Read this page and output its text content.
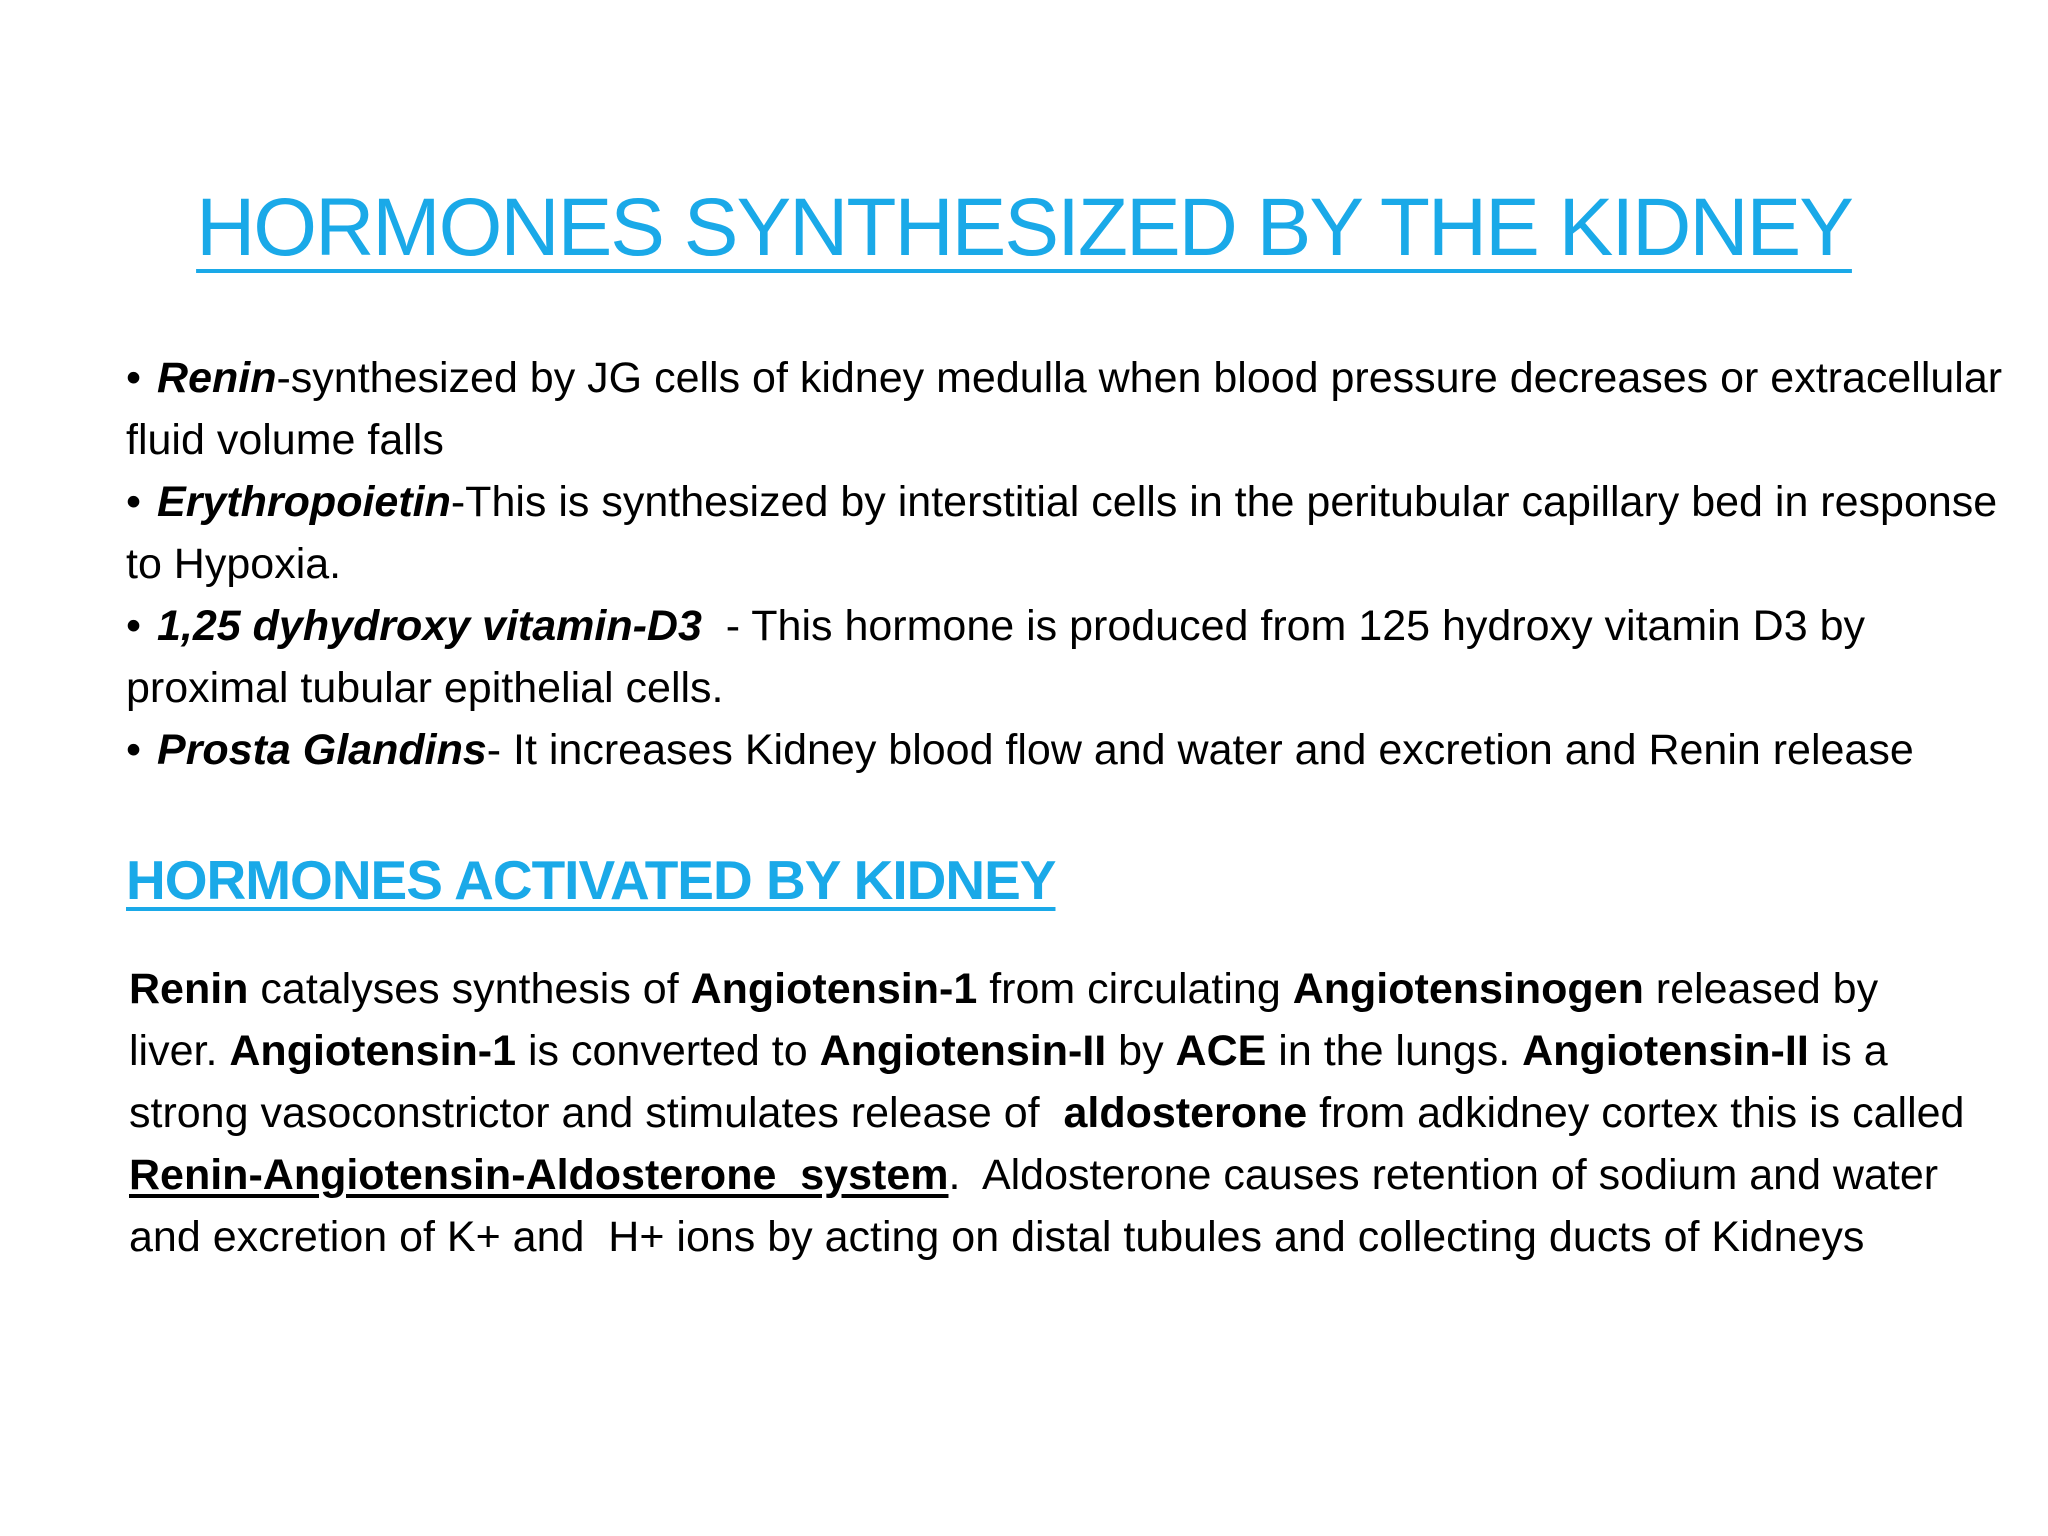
HORMONES SYNTHESIZED BY THE KIDNEY

• Renin-synthesized by JG cells of kidney medulla when blood pressure decreases or extracellular fluid volume falls

• Erythropoietin-This is synthesized by interstitial cells in the peritubular capillary bed in response to Hypoxia.

• 1,25 dyhydroxy vitamin-D3  - This hormone is produced from 125 hydroxy vitamin D3 by proximal tubular epithelial cells.

• Prosta Glandins- It increases Kidney blood flow and water and excretion and Renin release

HORMONES ACTIVATED BY KIDNEY
Renin catalyses synthesis of Angiotensin-1 from circulating Angiotensinogen released by liver. Angiotensin-1 is converted to Angiotensin-II by ACE in the lungs. Angiotensin-II is a strong vasoconstrictor and stimulates release of  aldosterone from adkidney cortex this is called Renin-Angiotensin-Aldosterone  system.  Aldosterone causes retention of sodium and water and excretion of K+ and  H+ ions by acting on distal tubules and collecting ducts of Kidneys
